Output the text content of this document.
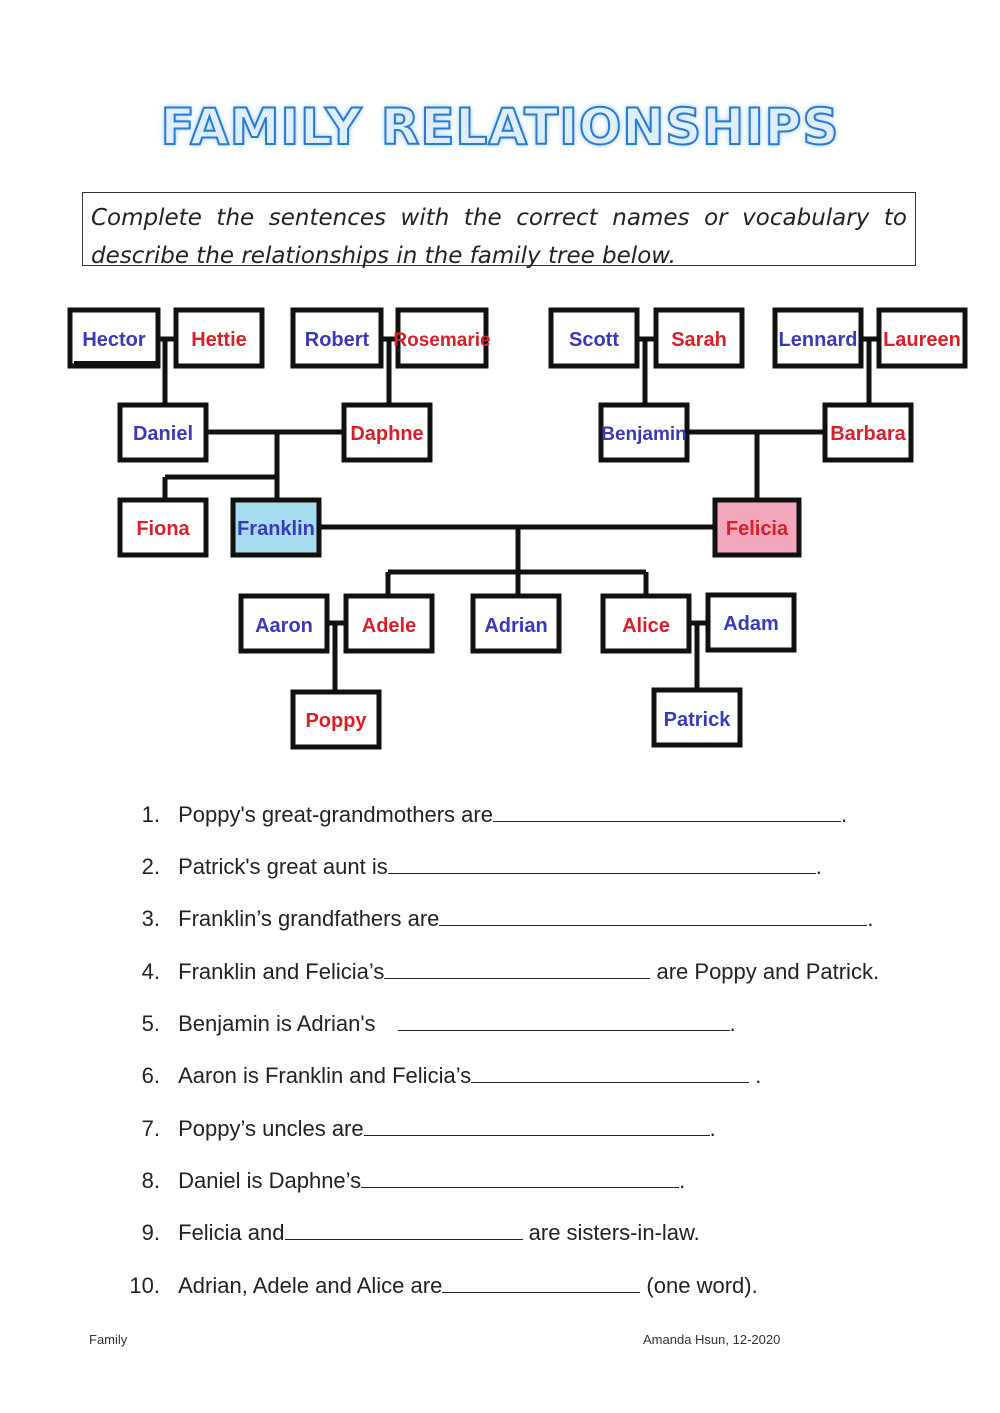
FAMILY RELATIONSHIPS
Complete the sentences with the correct names or vocabulary to describe the relationships in the family tree below.
Hector Hettie	Robert Rosemarie	Scott	Sarah	Lennard Laureen
Daniel	Daphne	Benjamin	Barbara
Fiona Franklin	Felicia
Aaron Adele	Adrian	Alice	Adam
Poppy	Patrick
1. Poppy's great-grandmothers are	.
2. Patrick's great aunt is	.
3. Franklin’s grandfathers are	.
4. Franklin and Felicia’s	are Poppy and Patrick.
5. Benjamin is Adrian's	.
6. Aaron is Franklin and Felicia’s	.
7. Poppy’s uncles are	.
8. Daniel is Daphne’s	.
9. Felicia and	are sisters-in-law.
10. Adrian, Adele and Alice are	(one word).
Family	Amanda Hsun, 12-2020
